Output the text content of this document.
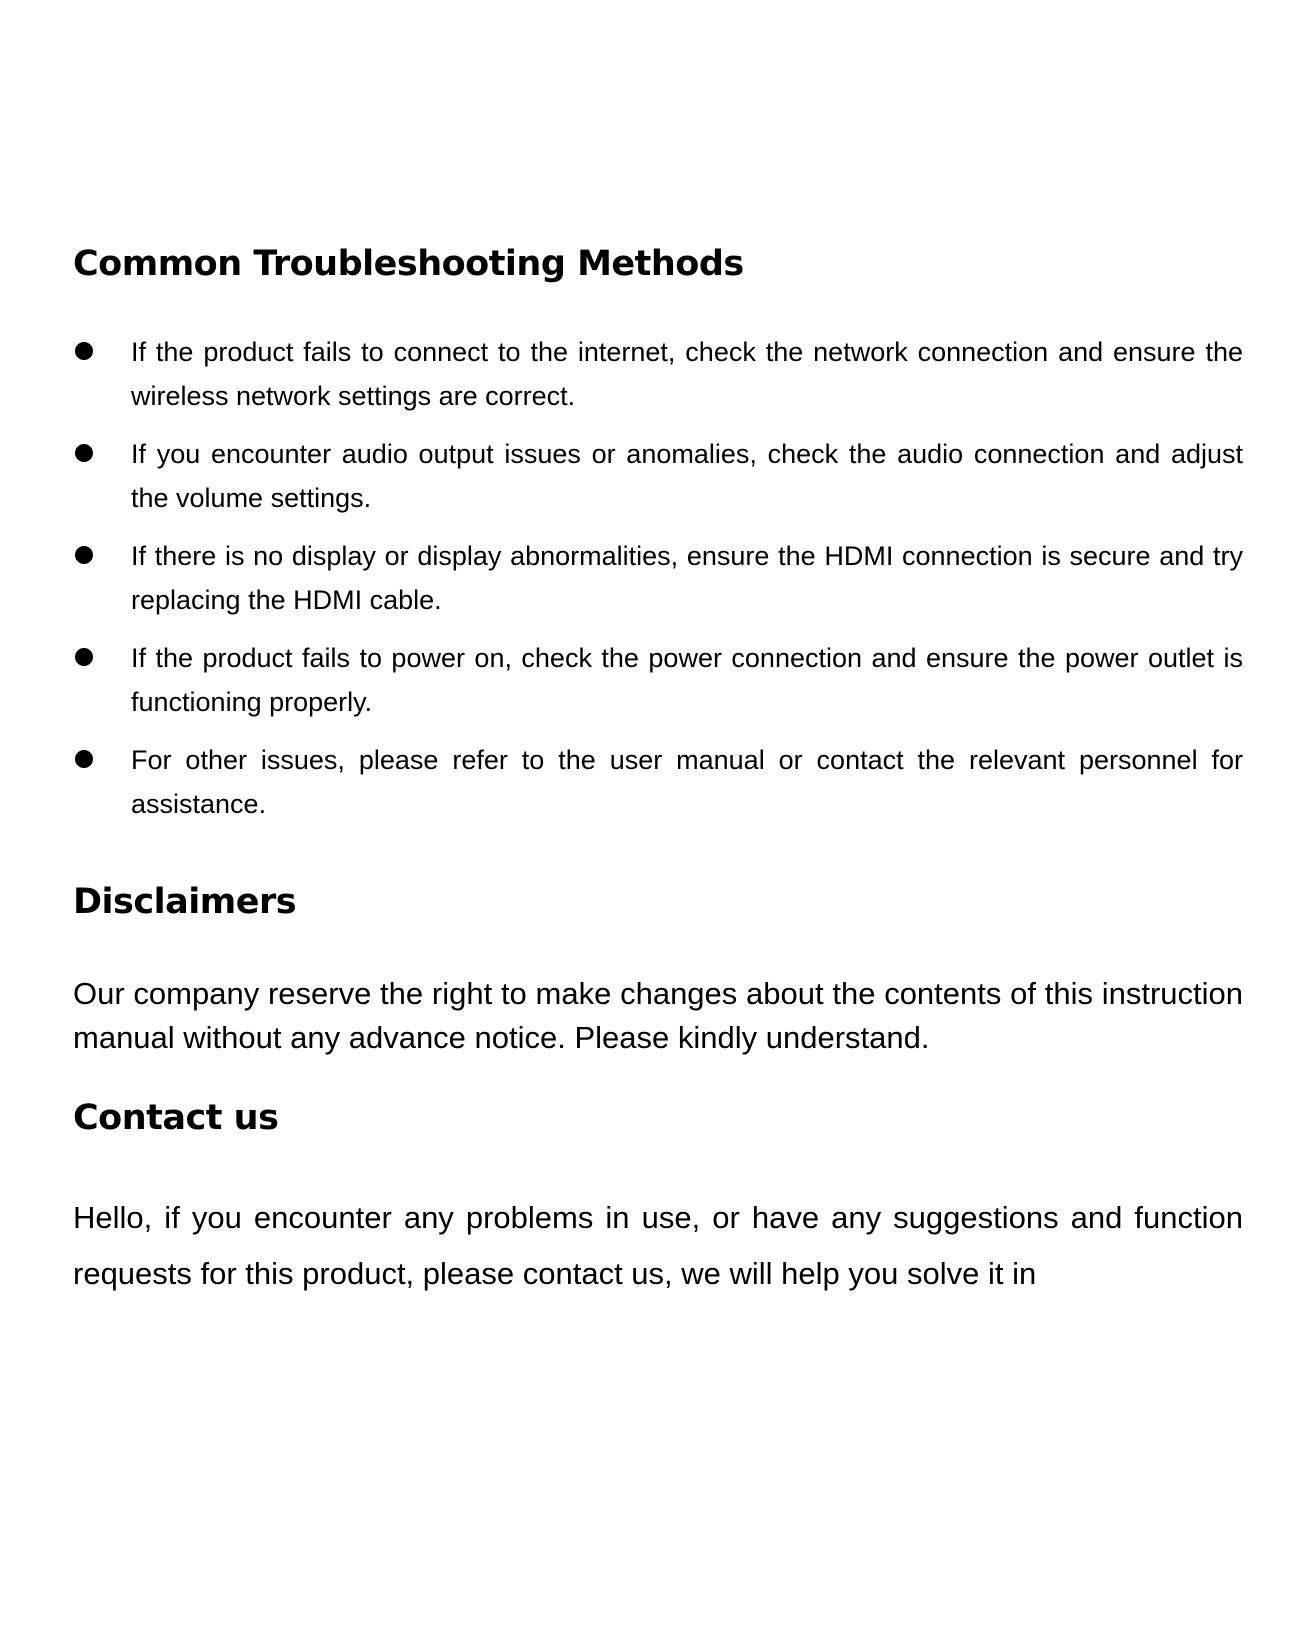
Common Troubleshooting Methods
If the product fails to connect to the internet, check the network connection and ensure the wireless network settings are correct.
If you encounter audio output issues or anomalies, check the audio connection and adjust the volume settings.
If there is no display or display abnormalities, ensure the HDMI connection is secure and try replacing the HDMI cable.
If the product fails to power on, check the power connection and ensure the power outlet is functioning properly.
For other issues, please refer to the user manual or contact the relevant personnel for assistance.
Disclaimers

Our company reserve the right to make changes about the contents of this instruction manual without any advance notice. Please kindly understand.

Contact us

Hello, if you encounter any problems in use, or have any suggestions and function requests for this product, please contact us, we will help you solve it in
